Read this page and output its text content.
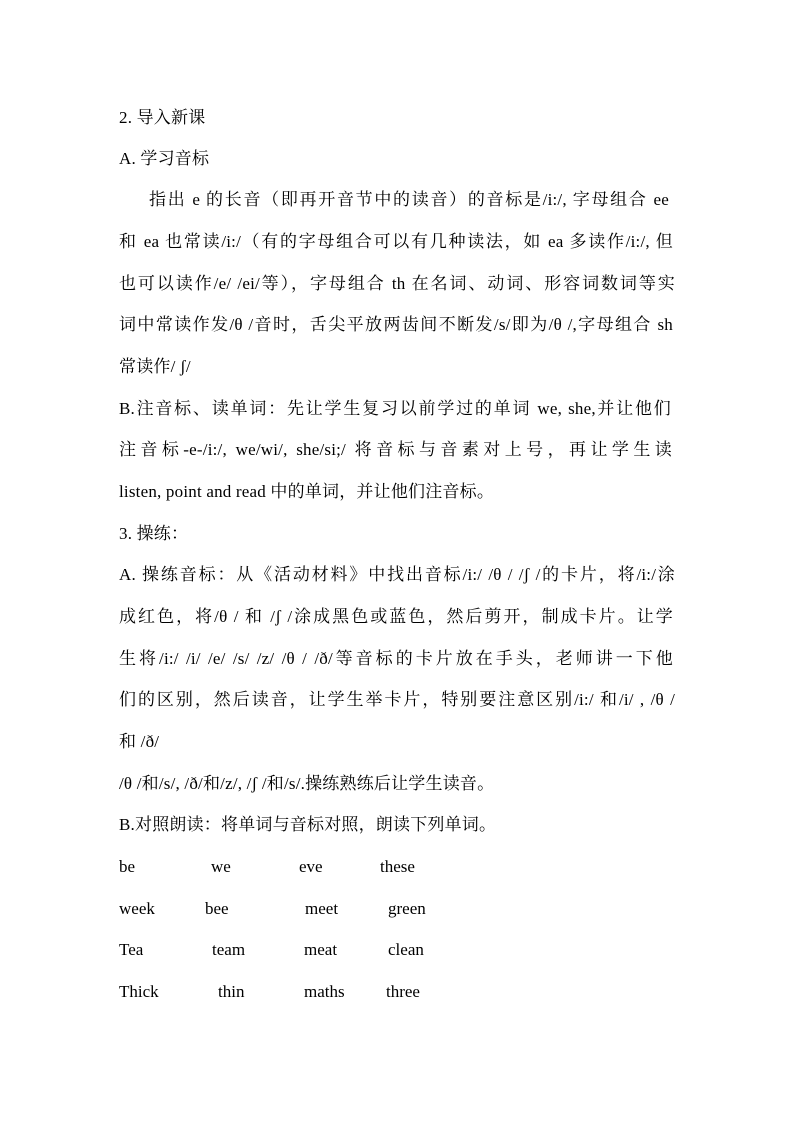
2. 导入新课
A. 学习音标
指出 e 的长音（即再开音节中的读音）的音标是/i:/, 字母组合 ee
和 ea 也常读/i:/（有的字母组合可以有几种读法，如 ea 多读作/i:/, 但
也可以读作/e/ /ei/等），字母组合 th 在名词、动词、形容词数词等实
词中常读作发/θ /音时，舌尖平放两齿间不断发/s/即为/θ /,字母组合 sh
常读作/ ʃ/
B.注音标、读单词：先让学生复习以前学过的单词 we, she,并让他们
注音标-e-/i:/, we/wi/, she/si;/ 将音标与音素对上号，再让学生读
listen, point and read 中的单词，并让他们注音标。
3. 操练：
A. 操练音标：从《活动材料》中找出音标/i:/ /θ / /ʃ /的卡片，将/i:/涂
成红色，将/θ / 和 /ʃ /涂成黑色或蓝色，然后剪开，制成卡片。让学
生将/i:/ /i/ /e/ /s/ /z/ /θ / /ð/等音标的卡片放在手头，老师讲一下他
们的区别，然后读音，让学生举卡片，特别要注意区别/i:/ 和/i/ , /θ /
和 /ð/
/θ /和/s/, /ð/和/z/, /ʃ /和/s/.操练熟练后让学生读音。
B.对照朗读：将单词与音标对照，朗读下列单词。
be	we	eve	these
week	bee	meet	green
Tea	team	meat	clean
Thick	thin	maths three
